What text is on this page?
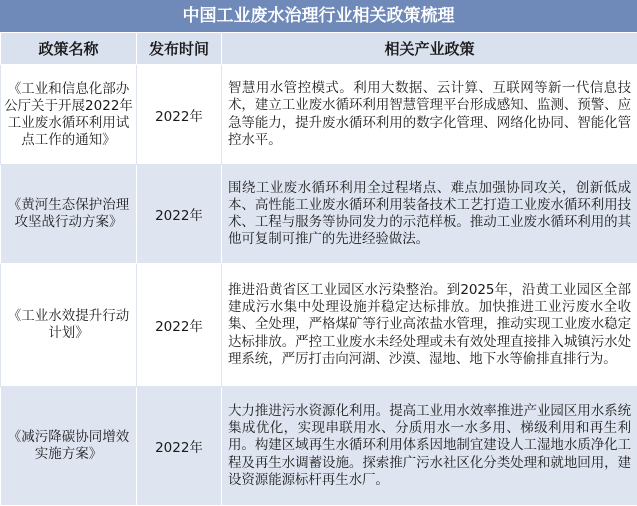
中国工业废水治理行业相关政策梳理
政策名称	发布时间	相关产业政策
《工业和信息化部办公厅关于开展2022年工业废水循环利用试点工作的通知》	2022年	智慧用水管控模式。利用大数据、云计算、互联网等新一代信息技术，建立工业废水循环利用智慧管理平台形成感知、监测、预警、应急等能力，提升废水循环利用的数字化管理、网络化协同、智能化管控水平。
《黄河生态保护治理攻坚战行动方案》	2022年	围绕工业废水循环利用全过程堵点、难点加强协同攻关，创新低成本、高性能工业废水循环利用装备技术工艺打造工业废水循环利用技术、工程与服务等协同发力的示范样板。推动工业废水循环利用的其他可复制可推广的先进经验做法。
《工业水效提升行动计划》	2022年	推进沿黄省区工业园区水污染整治。到2025年，沿黄工业园区全部建成污水集中处理设施并稳定达标排放。加快推进工业污废水全收集、全处理，严格煤矿等行业高浓盐水管理，推动实现工业废水稳定达标排放。严控工业废水未经处理或未有效处理直接排入城镇污水处理系统，严厉打击向河湖、沙漠、湿地、地下水等偷排直排行为。
《减污降碳协同增效实施方案》	2022年	大力推进污水资源化利用。提高工业用水效率推进产业园区用水系统集成优化，实现串联用水、分质用水一水多用、梯级利用和再生利用。构建区域再生水循环利用体系因地制宜建设人工湿地水质净化工程及再生水调蓄设施。探索推广污水社区化分类处理和就地回用，建设资源能源标杆再生水厂。
